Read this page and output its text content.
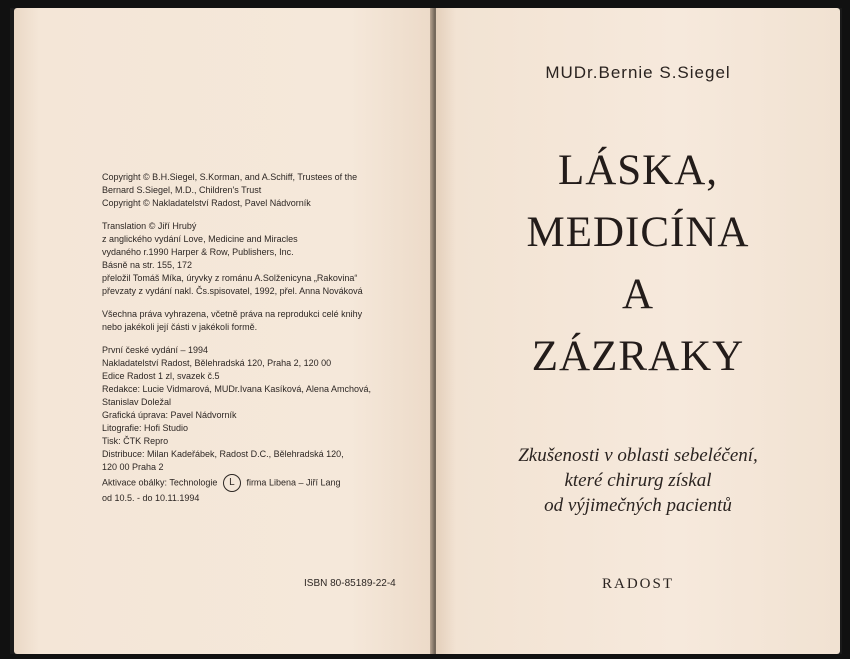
Copyright © B.H.Siegel, S.Korman, and A.Schiff, Trustees of the
Bernard S.Siegel, M.D., Children's Trust
Copyright © Nakladatelství Radost, Pavel Nádvorník
Translation © Jiří Hrubý
z anglického vydání Love, Medicine and Miracles
vydaného r.1990 Harper & Row, Publishers, Inc.
Básně na str. 155, 172
přeložil Tomáš Míka, úryvky z románu A.Solženicyna „Rakovina“
převzaty z vydání nakl. Čs.spisovatel, 1992, přel. Anna Nováková
Všechna práva vyhrazena, včetně práva na reprodukci celé knihy
nebo jakékoli její části v jakékoli formě.
První české vydání – 1994
Nakladatelství Radost, Bělehradská 120, Praha 2, 120 00
Edice Radost 1 zl, svazek č.5
Redakce: Lucie Vidmarová, MUDr.Ivana Kasíková, Alena Amchová,
Stanislav Doležal
Grafická úprava: Pavel Nádvorník
Litografie: Hofi Studio
Tisk: ČTK Repro
Distribuce: Milan Kadeřábek, Radost D.C., Bělehradská 120,
120 00 Praha 2
Aktivace obálky: Technologie L firma Libena – Jiří Lang
od 10.5. - do 10.11.1994
ISBN 80-85189-22-4
MUDr.Bernie S.Siegel
LÁSKA,
MEDICÍNA
A
ZÁZRAKY
Zkušenosti v oblasti sebeléčení,
které chirurg získal
od výjimečných pacientů
RADOST
